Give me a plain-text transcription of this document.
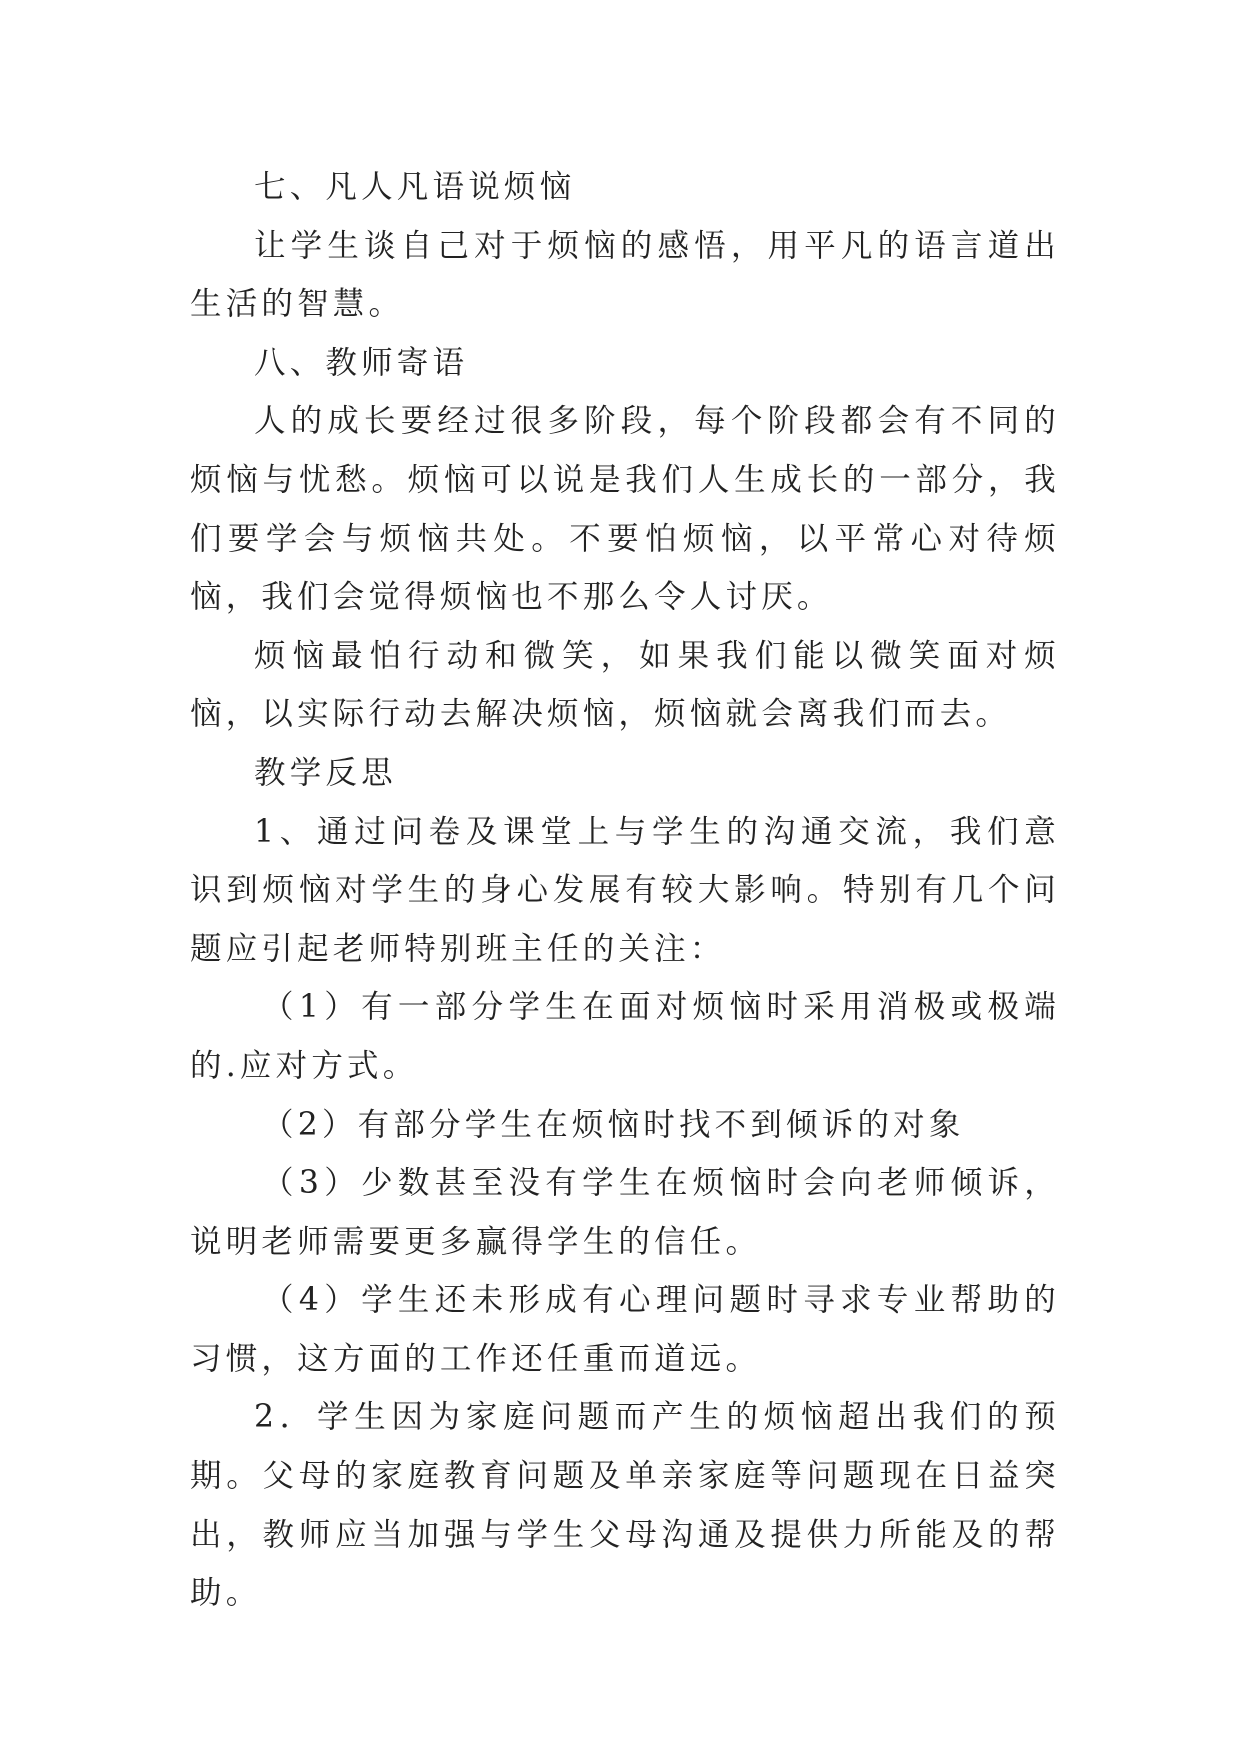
七、凡人凡语说烦恼

让学生谈自己对于烦恼的感悟，用平凡的语言道出生活的智慧。

八、教师寄语

人的成长要经过很多阶段，每个阶段都会有不同的烦恼与忧愁。烦恼可以说是我们人生成长的一部分，我们要学会与烦恼共处。不要怕烦恼，以平常心对待烦恼，我们会觉得烦恼也不那么令人讨厌。

烦恼最怕行动和微笑，如果我们能以微笑面对烦恼，以实际行动去解决烦恼，烦恼就会离我们而去。

教学反思

1、通过问卷及课堂上与学生的沟通交流，我们意识到烦恼对学生的身心发展有较大影响。特别有几个问题应引起老师特别班主任的关注：

（1）有一部分学生在面对烦恼时采用消极或极端的.应对方式。

（2）有部分学生在烦恼时找不到倾诉的对象

（3）少数甚至没有学生在烦恼时会向老师倾诉，说明老师需要更多赢得学生的信任。

（4）学生还未形成有心理问题时寻求专业帮助的习惯，这方面的工作还任重而道远。

2．学生因为家庭问题而产生的烦恼超出我们的预期。父母的家庭教育问题及单亲家庭等问题现在日益突出，教师应当加强与学生父母沟通及提供力所能及的帮助。
